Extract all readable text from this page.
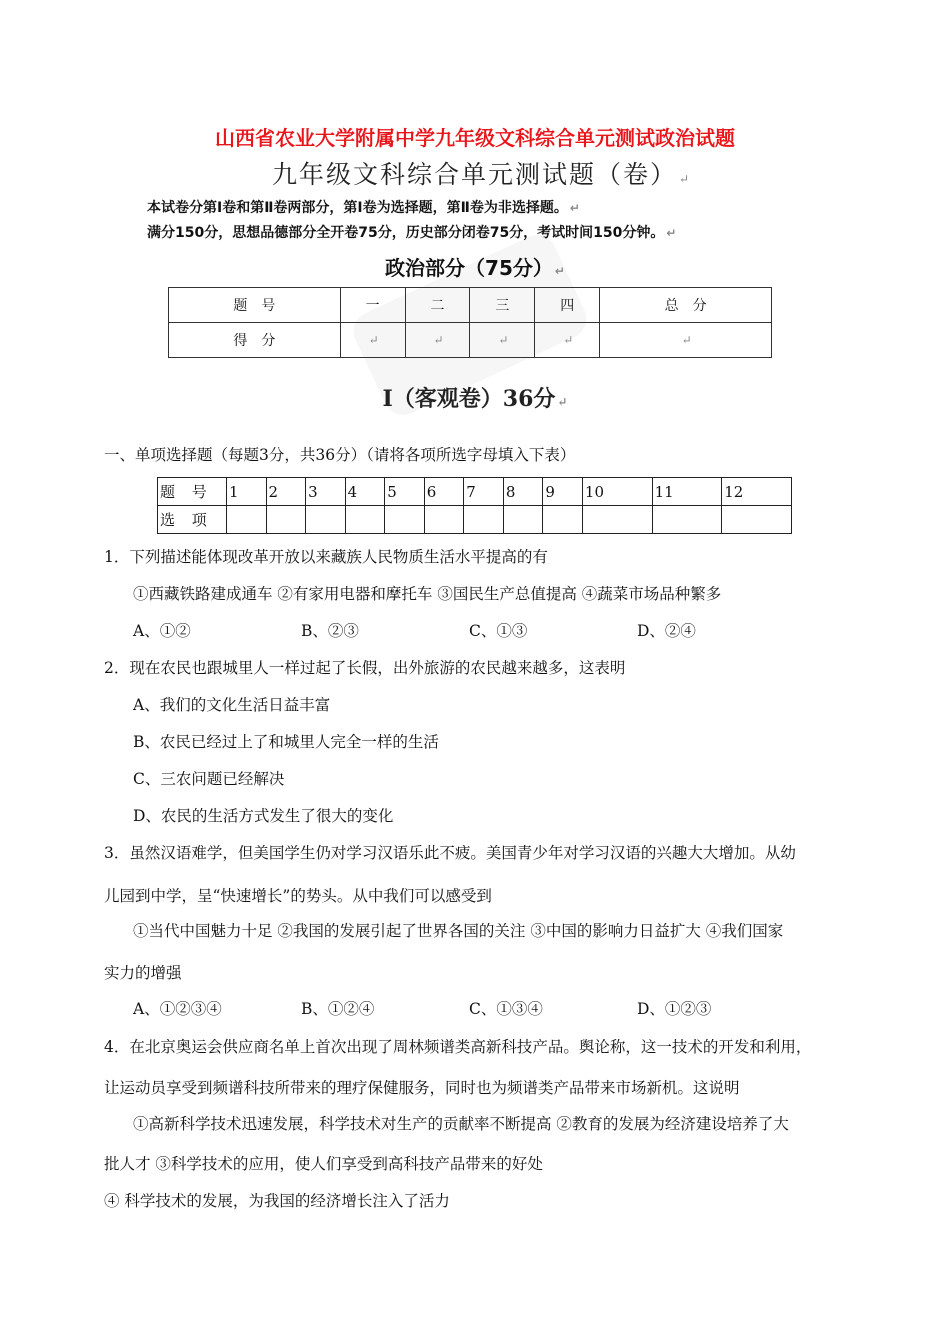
山西省农业大学附属中学九年级文科综合单元测试政治试题
九年级文科综合单元测试题（卷） ↵
本试卷分第Ⅰ卷和第Ⅱ卷两部分，第Ⅰ卷为选择题，第Ⅱ卷为非选择题。 ↵
满分150分，思想品德部分全开卷75分，历史部分闭卷75分，考试时间150分钟。 ↵
政治部分（75分） ↵
题　号	一	二	三	四	总　分
得　分	↵	↵	↵	↵	↵
Ⅰ（客观卷）36分 ↵
一、单项选择题（每题3分，共36分）（请将各项所选字母填入下表）
题 号	1	2	3	4	5	6	7	8	9	10	11	12
选 项												
1．下列描述能体现改革开放以来藏族人民物质生活水平提高的有
①西藏铁路建成通车 ②有家用电器和摩托车 ③国民生产总值提高 ④蔬菜市场品种繁多
A、①②	B、②③	C、①③	D、②④
2．现在农民也跟城里人一样过起了长假，出外旅游的农民越来越多，这表明
A、我们的文化生活日益丰富
B、农民已经过上了和城里人完全一样的生活
C、三农问题已经解决
D、农民的生活方式发生了很大的变化
3．虽然汉语难学，但美国学生仍对学习汉语乐此不疲。美国青少年对学习汉语的兴趣大大增加。从幼
儿园到中学，呈“快速增长”的势头。从中我们可以感受到
①当代中国魅力十足 ②我国的发展引起了世界各国的关注 ③中国的影响力日益扩大 ④我们国家
实力的增强
A、①②③④	B、①②④	C、①③④	D、①②③
4．在北京奥运会供应商名单上首次出现了周林频谱类高新科技产品。舆论称，这一技术的开发和利用，
让运动员享受到频谱科技所带来的理疗保健服务，同时也为频谱类产品带来市场新机。这说明
①高新科学技术迅速发展，科学技术对生产的贡献率不断提高 ②教育的发展为经济建设培养了大
批人才 ③科学技术的应用，使人们享受到高科技产品带来的好处
④ 科学技术的发展，为我国的经济增长注入了活力
